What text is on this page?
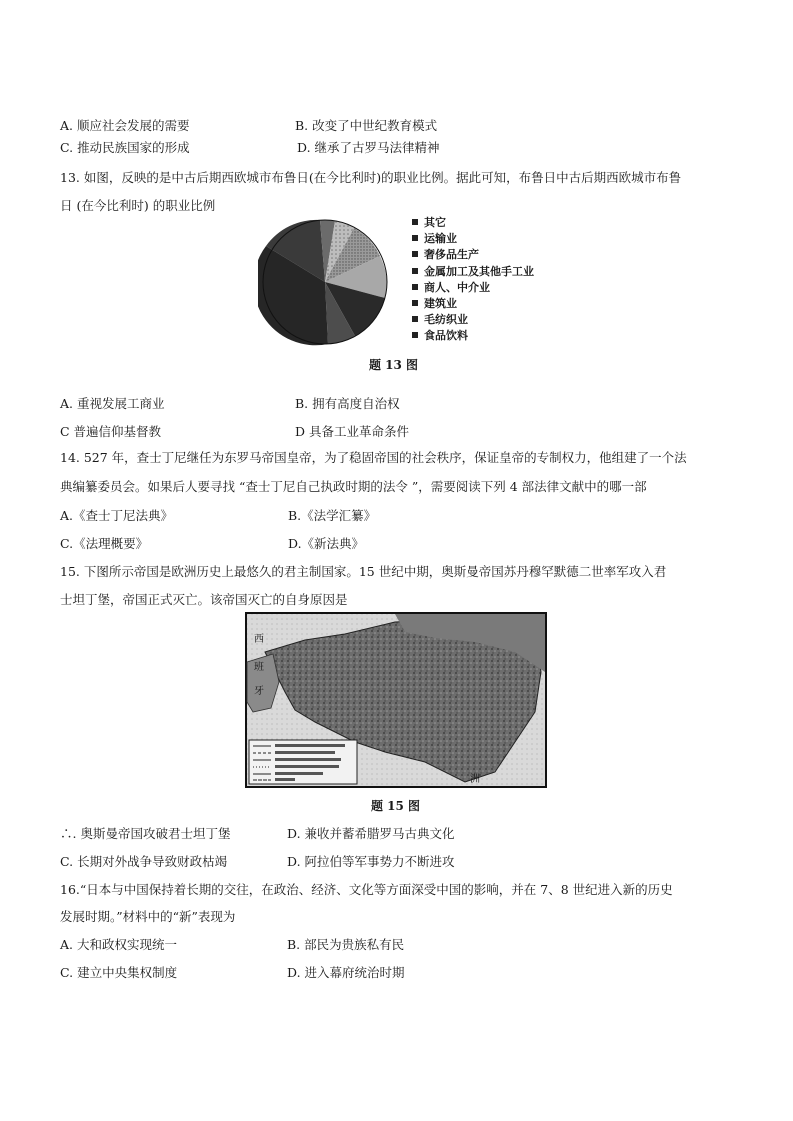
A. 顺应社会发展的需要	B. 改变了中世纪教育模式
C. 推动民族国家的形成	D. 继承了古罗马法律精神
13. 如图，反映的是中古后期西欧城市布鲁日(在今比利时)的职业比例。据此可知，布鲁日中古后期西欧城市布鲁
日 (在今比利时) 的职业比例
其它
运输业
奢侈品生产
金属加工及其他手工业
商人、中介业
建筑业
毛纺织业
食品饮料
题 13 图
A. 重视发展工商业	B. 拥有高度自治权
C 普遍信仰基督教	D 具备工业革命条件
14. 527 年，查士丁尼继任为东罗马帝国皇帝，为了稳固帝国的社会秩序，保证皇帝的专制权力，他组建了一个法
典编纂委员会。如果后人要寻找 “查士丁尼自己执政时期的法令 ”，需要阅读下列 4 部法律文献中的哪一部
A.《查士丁尼法典》	B.《法学汇纂》
C.《法理概要》	D.《新法典》
15. 下图所示帝国是欧洲历史上最悠久的君主制国家。15 世纪中期，奥斯曼帝国苏丹穆罕默德二世率军攻入君
士坦丁堡，帝国正式灭亡。该帝国灭亡的自身原因是
西
班
牙
洲
题 15 图
∴. 奥斯曼帝国攻破君士坦丁堡	D. 兼收并蓄希腊罗马古典文化
C. 长期对外战争导致财政枯竭	D. 阿拉伯等军事势力不断进攻
16.“日本与中国保持着长期的交往，在政治、经济、文化等方面深受中国的影响，并在 7、8 世纪进入新的历史
发展时期。”材料中的“新”表现为
A. 大和政权实现统一	B. 部民为贵族私有民
C. 建立中央集权制度	D. 进入幕府统治时期
